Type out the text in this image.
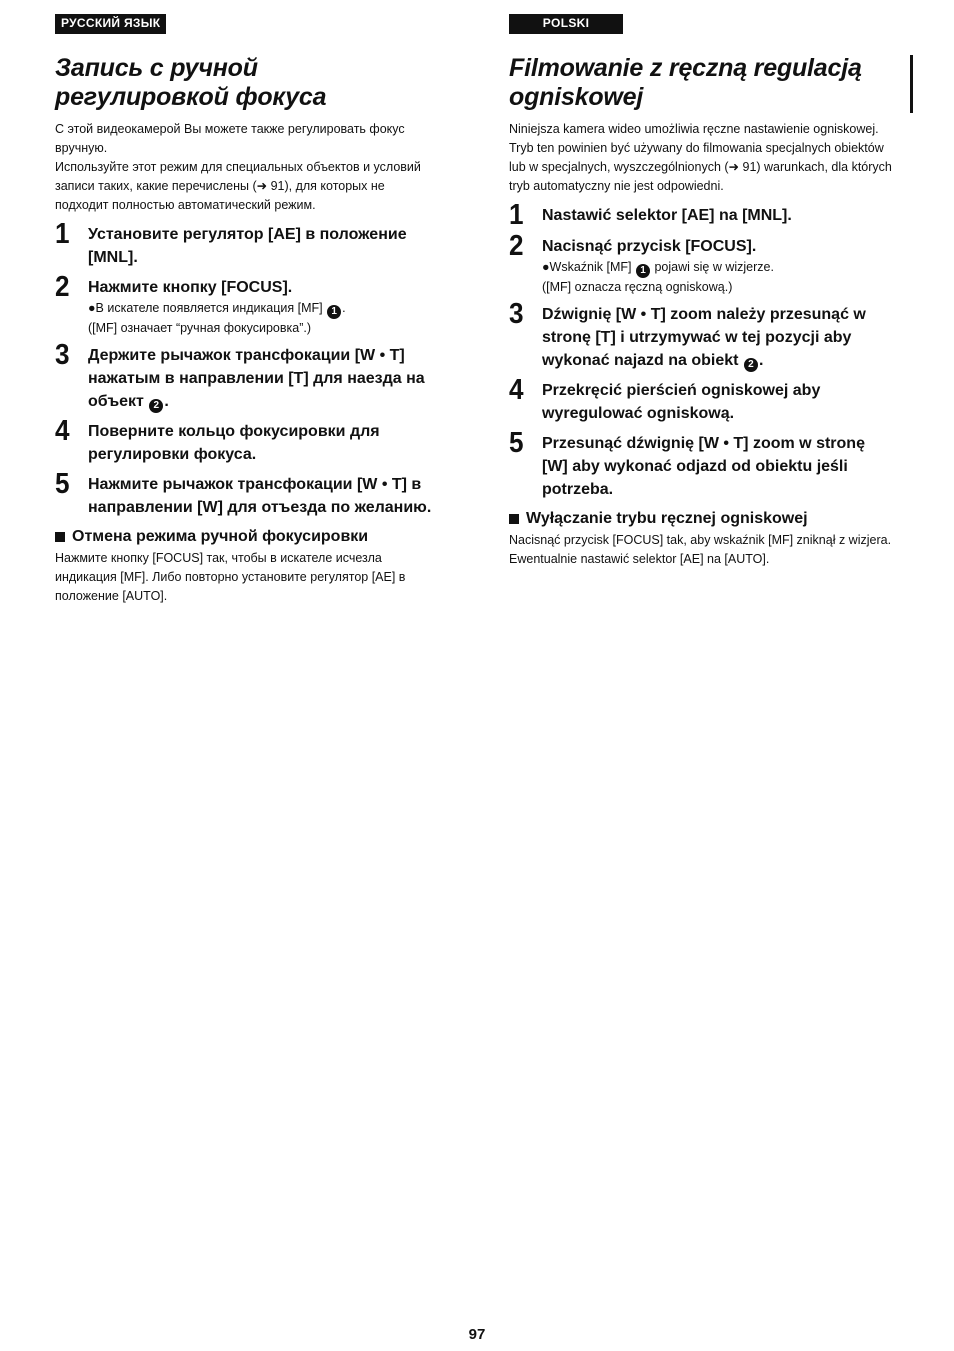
РУССКИЙ ЯЗЫК
Запись с ручной регулировкой фокуса

С этой видеокамерой Вы можете также регулировать фокус вручную.

Используйте этот режим для специальных объектов и условий записи таких, какие перечислены (➜ 91), для которых не подходит полностью автоматический режим.

1	Установите регулятор [AE] в положение [MNL].
2	Нажмите кнопку [FOCUS].
●В искателе появляется индикация [MF] 1 .
([MF] означает “ручная фокусировка”.)
3	Держите рычажок трансфокации [W • T] нажатым в направлении [T] для наезда на объект 2 .
4	Поверните кольцо фокусировки для регулировки фокуса.
5	Нажмите рычажок трансфокации [W • T] в направлении [W] для отъезда по желанию.
Отмена режима ручной фокусировки
Нажмите кнопку [FOCUS] так, чтобы в искателе исчезла индикация [MF]. Либо повторно установите регулятор [AE] в положение [AUTO].
POLSKI
Filmowanie z ręczną regulacją ogniskowej

Niniejsza kamera wideo umożliwia ręczne nastawienie ogniskowej.

Tryb ten powinien być używany do filmowania specjalnych obiektów lub w specjalnych, wyszczególnionych (➜ 91) warunkach, dla których tryb automatyczny nie jest odpowiedni.

1	Nastawić selektor [AE] na [MNL].
2	Nacisnąć przycisk [FOCUS].
●Wskaźnik [MF] 1 pojawi się w wizjerze.
([MF] oznacza ręczną ogniskową.)
3	Dźwignię [W • T] zoom należy przesunąć w stronę [T] i utrzymywać w tej pozycji aby wykonać najazd na obiekt 2 .
4	Przekręcić pierścień ogniskowej aby wyregulować ogniskową.
5	Przesunąć dźwignię [W • T] zoom w stronę [W] aby wykonać odjazd od obiektu jeśli potrzeba.
Wyłączanie trybu ręcznej ogniskowej
Nacisnąć przycisk [FOCUS] tak, aby wskaźnik [MF] zniknął z wizjera. Ewentualnie nastawić selektor [AE] na [AUTO].
97
